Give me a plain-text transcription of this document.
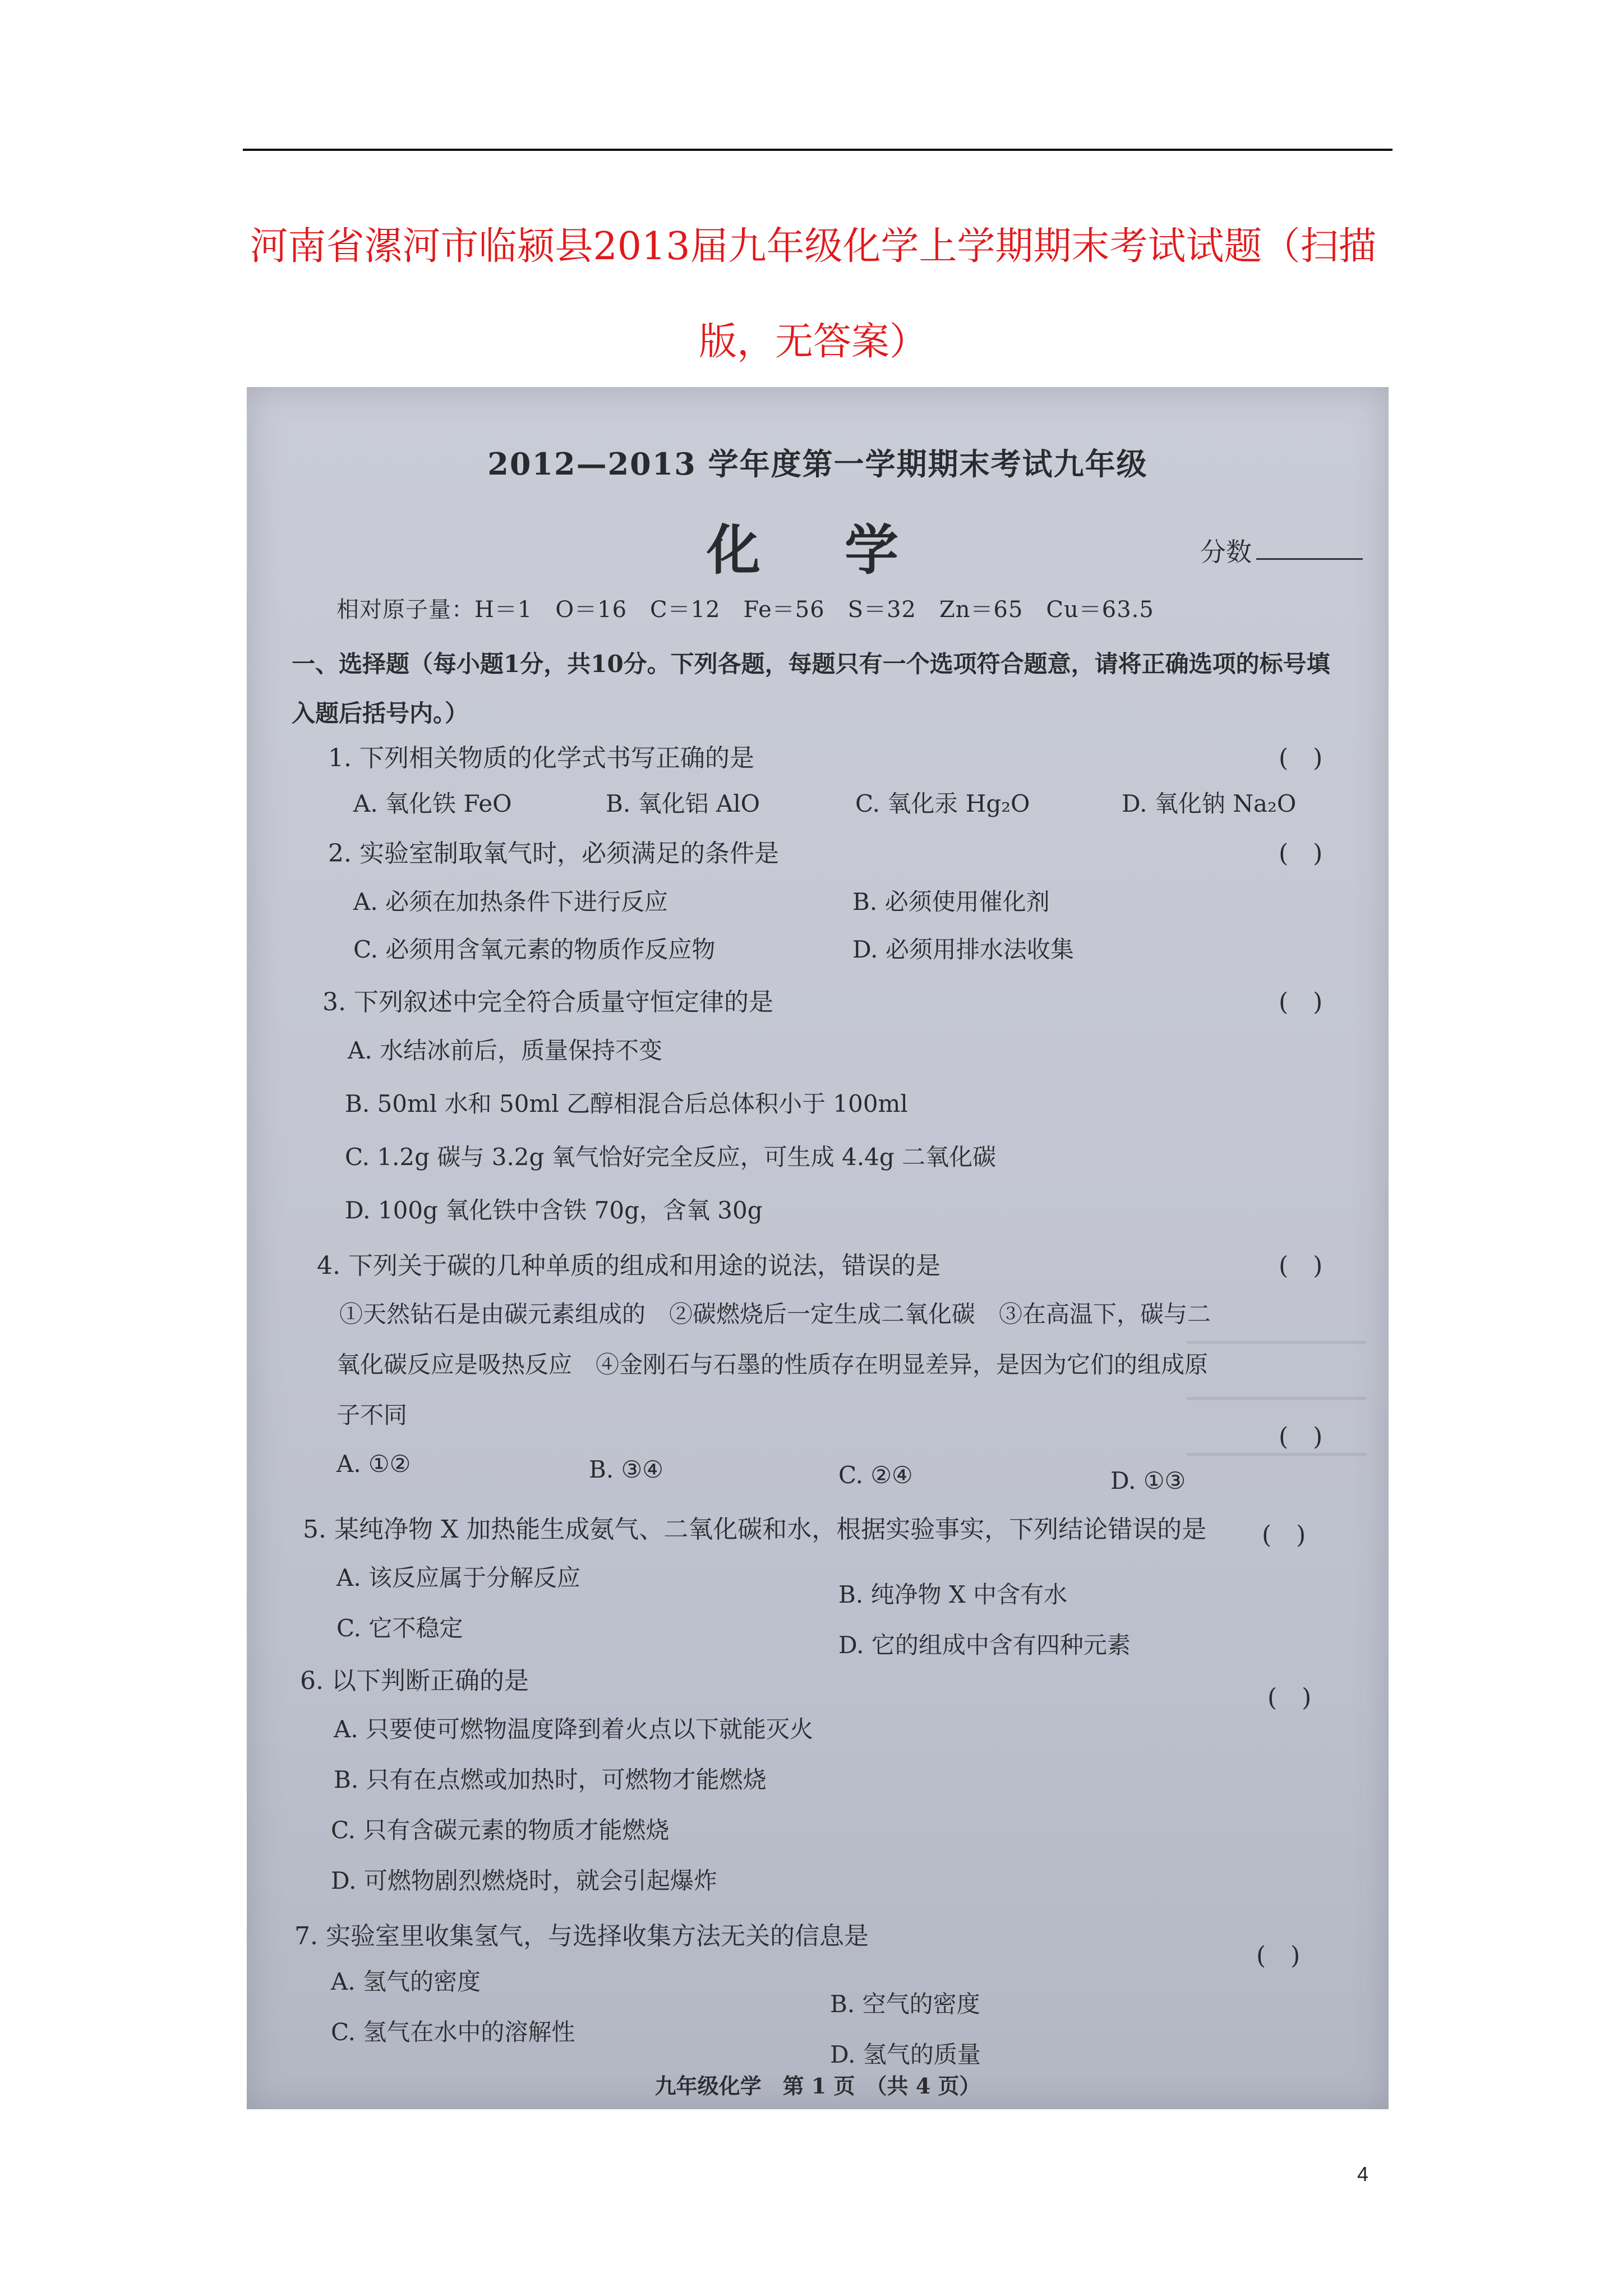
河南省漯河市临颍县2013届九年级化学上学期期末考试试题（扫描
版，无答案）
2012—2013 学年度第一学期期末考试九年级
化学	分数
相对原子量：H＝1　O＝16　C＝12　Fe＝56　S＝32　Zn＝65　Cu＝63.5
一、选择题（每小题1分，共10分。下列各题，每题只有一个选项符合题意，请将正确选项的标号填入题后括号内。）
1. 下列相关物质的化学式书写正确的是	(　)
A. 氧化铁 FeO	B. 氧化铝 AlO	C. 氧化汞 Hg₂O	D. 氧化钠 Na₂O
2. 实验室制取氧气时，必须满足的条件是	(　)
A. 必须在加热条件下进行反应	B. 必须使用催化剂
C. 必须用含氧元素的物质作反应物	D. 必须用排水法收集
3. 下列叙述中完全符合质量守恒定律的是	(　)
A. 水结冰前后，质量保持不变
B. 50ml 水和 50ml 乙醇相混合后总体积小于 100ml
C. 1.2g 碳与 3.2g 氧气恰好完全反应，可生成 4.4g 二氧化碳
D. 100g 氧化铁中含铁 70g，含氧 30g
4. 下列关于碳的几种单质的组成和用途的说法，错误的是	(　)
①天然钻石是由碳元素组成的　②碳燃烧后一定生成二氧化碳　③在高温下，碳与二
氧化碳反应是吸热反应　④金刚石与石墨的性质存在明显差异，是因为它们的组成原
子不同
(　)
A. ①②	B. ③④	C. ②④	D. ①③
5. 某纯净物 X 加热能生成氨气、二氧化碳和水，根据实验事实，下列结论错误的是 (　)
A. 该反应属于分解反应
B. 纯净物 X 中含有水
C. 它不稳定
D. 它的组成中含有四种元素
6. 以下判断正确的是
(　)
A. 只要使可燃物温度降到着火点以下就能灭火
B. 只有在点燃或加热时，可燃物才能燃烧
C. 只有含碳元素的物质才能燃烧
D. 可燃物剧烈燃烧时，就会引起爆炸
7. 实验室里收集氢气，与选择收集方法无关的信息是
(　)
A. 氢气的密度
B. 空气的密度
C. 氢气在水中的溶解性
D. 氢气的质量
九年级化学　第 1 页　（共 4 页）
4
